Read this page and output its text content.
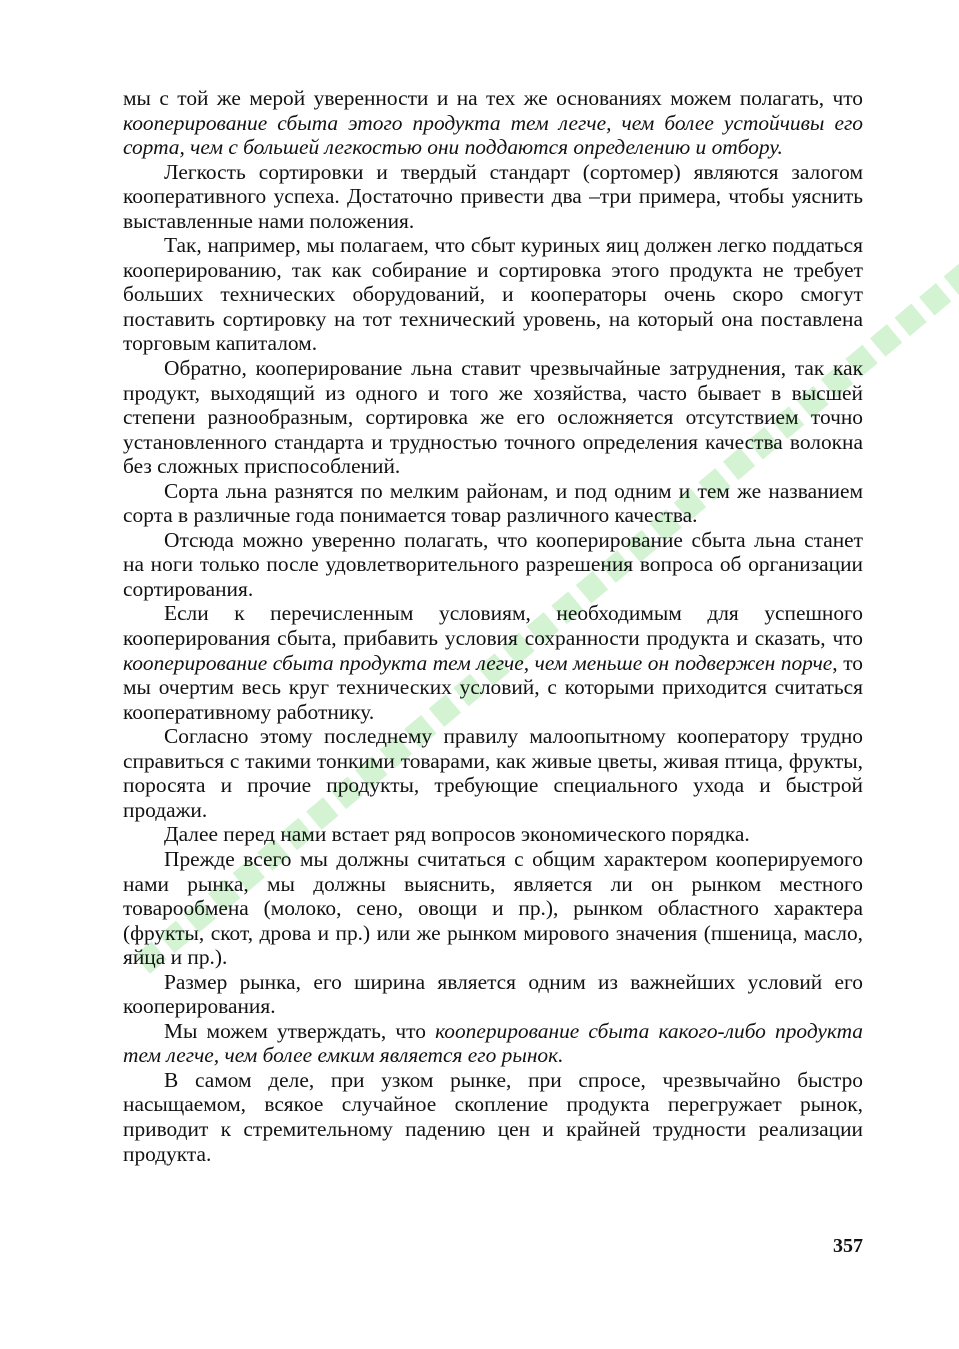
мы с той же мерой уверенности и на тех же основаниях можем полагать, что кооперирование сбыта этого продукта тем легче, чем более устойчивы его сорта, чем с большей легкостью они поддаются определению и отбору.

Легкость сортировки и твердый стандарт (сортомер) являются залогом кооперативного успеха. Достаточно привести два –три примера, чтобы уяснить выставленные нами положения.

Так, например, мы полагаем, что сбыт куриных яиц должен легко поддаться кооперированию, так как собирание и сортировка этого продукта не требует больших технических оборудований, и кооператоры очень скоро смогут поставить сортировку на тот технический уровень, на который она поставлена торговым капиталом.

Обратно, кооперирование льна ставит чрезвычайные затруднения, так как продукт, выходящий из одного и того же хозяйства, часто бывает в высшей степени разнообразным, сортировка же его осложняется отсутствием точно установленного стандарта и трудностью точного определения качества волокна без сложных приспособлений.

Сорта льна разнятся по мелким районам, и под одним и тем же названием сорта в различные года понимается товар различного качества.

Отсюда можно уверенно полагать, что кооперирование сбыта льна станет на ноги только после удовлетворительного разрешения вопроса об организации сортирования.

Если к перечисленным условиям, необходимым для успешного кооперирования сбыта, прибавить условия сохранности продукта и сказать, что кооперирование сбыта продукта тем легче, чем меньше он подвержен порче, то мы очертим весь круг технических условий, с которыми приходится считаться кооперативному работнику.

Согласно этому последнему правилу малоопытному кооператору трудно справиться с такими тонкими товарами, как живые цветы, живая птица, фрукты, поросята и прочие продукты, требующие специального ухода и быстрой продажи.

Далее перед нами встает ряд вопросов экономического порядка.

Прежде всего мы должны считаться с общим характером кооперируемого нами рынка, мы должны выяснить, является ли он рынком местного товарообмена (молоко, сено, овощи и пр.), рынком областного характера (фрукты, скот, дрова и пр.) или же рынком мирового значения (пшеница, масло, яйца и пр.).

Размер рынка, его ширина является одним из важнейших условий его кооперирования.

Мы можем утверждать, что кооперирование сбыта какого-либо продукта тем легче, чем более емким является его рынок.

В самом деле, при узком рынке, при спросе, чрезвычайно быстро насыщаемом, всякое случайное скопление продукта перегружает рынок, приводит к стремительному падению цен и крайней трудности реализации продукта.

357
